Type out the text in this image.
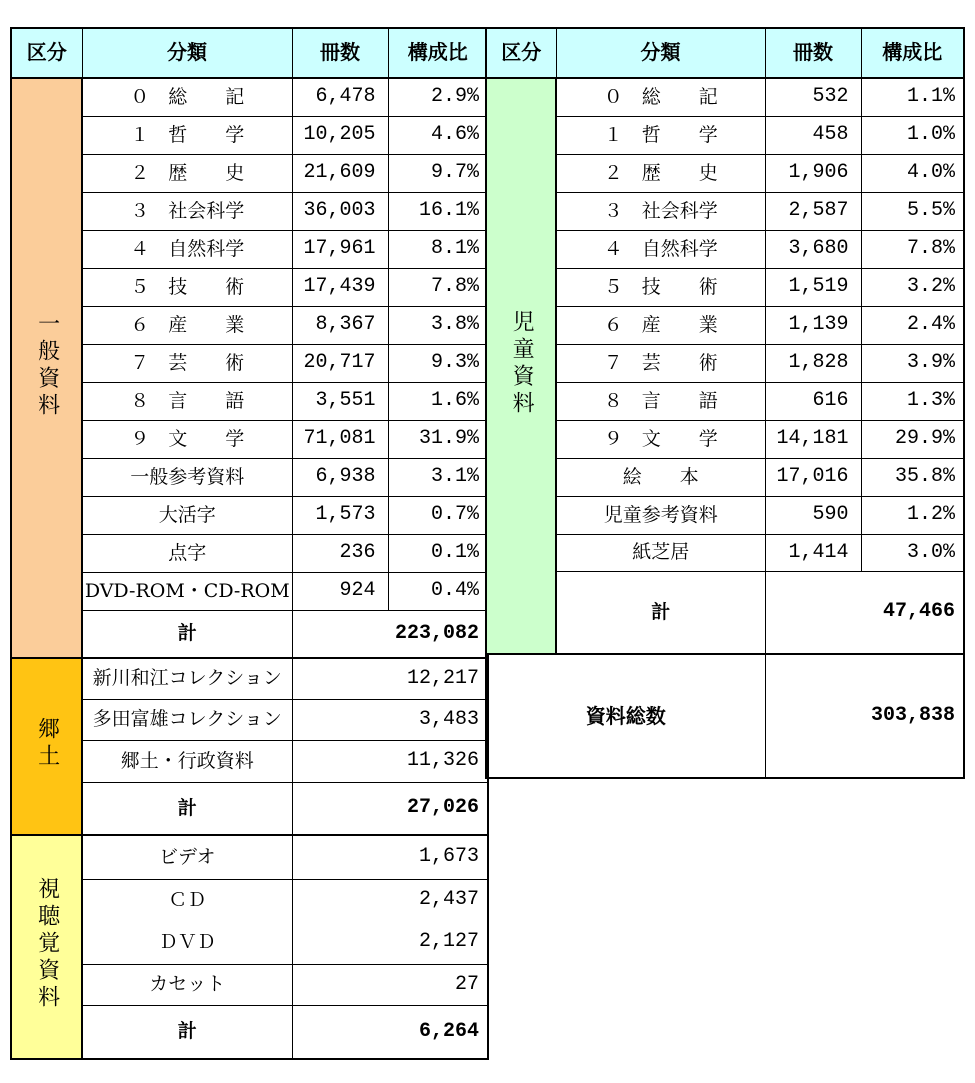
区分	分類	冊数	構成比
一般資料	０　総　　記	6,478	2.9%
	１　哲　　学	10,205	4.6%
	２　歴　　史	21,609	9.7%
	３　社会科学	36,003	16.1%
	４　自然科学	17,961	8.1%
	５　技　　術	17,439	7.8%
	６　産　　業	8,367	3.8%
	７　芸　　術	20,717	9.3%
	８　言　　語	3,551	1.6%
	９　文　　学	71,081	31.9%
	一般参考資料	6,938	3.1%
	大活字	1,573	0.7%
	点字	236	0.1%
	DVD-ROM・CD-ROM	924	0.4%
	計	223,082	
郷土	新川和江コレクション	12,217	
	多田富雄コレクション	3,483	
	郷土・行政資料	11,326	
	計	27,026	
視聴覚資料	ビデオ	1,673	
	ＣＤ	2,437	
	ＤＶＤ	2,127	
	カセット	27	
	計	6,264	
区分	分類	冊数	構成比
児童資料	０　総　　記	532	1.1%
	１　哲　　学	458	1.0%
	２　歴　　史	1,906	4.0%
	３　社会科学	2,587	5.5%
	４　自然科学	3,680	7.8%
	５　技　　術	1,519	3.2%
	６　産　　業	1,139	2.4%
	７　芸　　術	1,828	3.9%
	８　言　　語	616	1.3%
	９　文　　学	14,181	29.9%
	絵　　本	17,016	35.8%
	児童参考資料	590	1.2%
	紙芝居	1,414	3.0%
	計	47,466	
資料総数		303,838	
